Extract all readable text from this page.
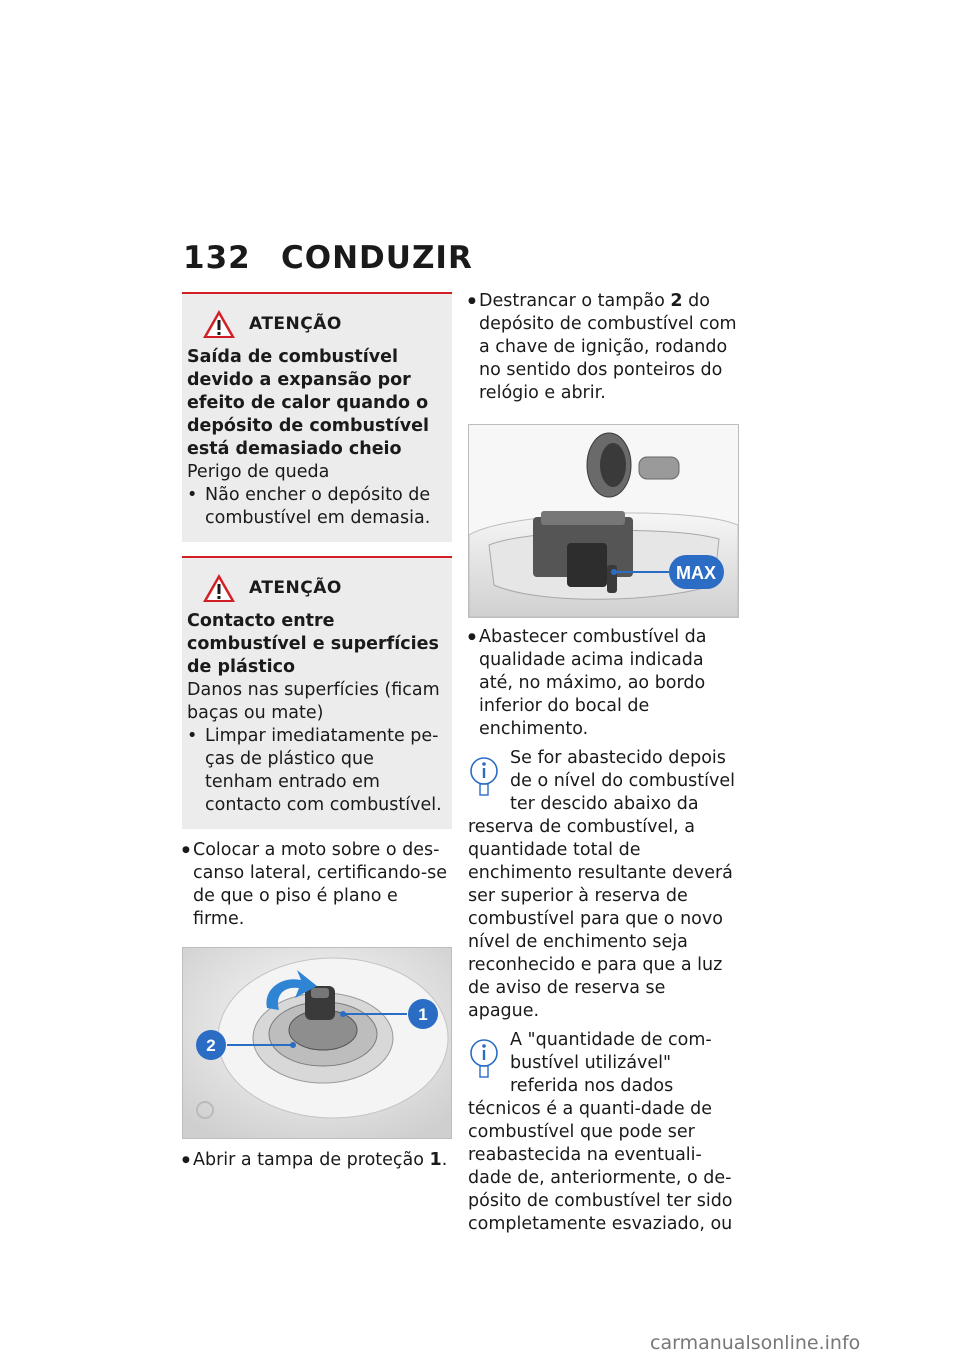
132 CONDUZIR
ATENÇÃO
Saída de combustível devido a expansão por efeito de calor quando o depósito de combustível está demasiado cheio
Perigo de queda
• Não encher o depósito de combustível em demasia.
ATENÇÃO
Contacto entre combustível e superfícies de plástico
Danos nas superfícies (ficam baças ou mate)
• Limpar imediatamente pe-ças de plástico que tenham entrado em contacto com combustível.
● Colocar a moto sobre o des-canso lateral, certificando-se de que o piso é plano e firme.
1
2
● Abrir a tampa de proteção 1.
● Destrancar o tampão 2 do depósito de combustível com a chave de ignição, rodando no sentido dos ponteiros do relógio e abrir.
MAX
● Abastecer combustível da qualidade acima indicada até, no máximo, ao bordo inferior do bocal de enchimento.
Se for abastecido depois de o nível do combustível ter descido abaixo da reserva de combustível, a quantidade total de enchimento resultante deverá ser superior à reserva de combustível para que o novo nível de enchimento seja reconhecido e para que a luz de aviso de reserva se apague.
A "quantidade de com-bustível utilizável" referida nos dados técnicos é a quanti-dade de combustível que pode ser reabastecida na eventuali-dade de, anteriormente, o de-pósito de combustível ter sido completamente esvaziado, ou
carmanualsonline.info
